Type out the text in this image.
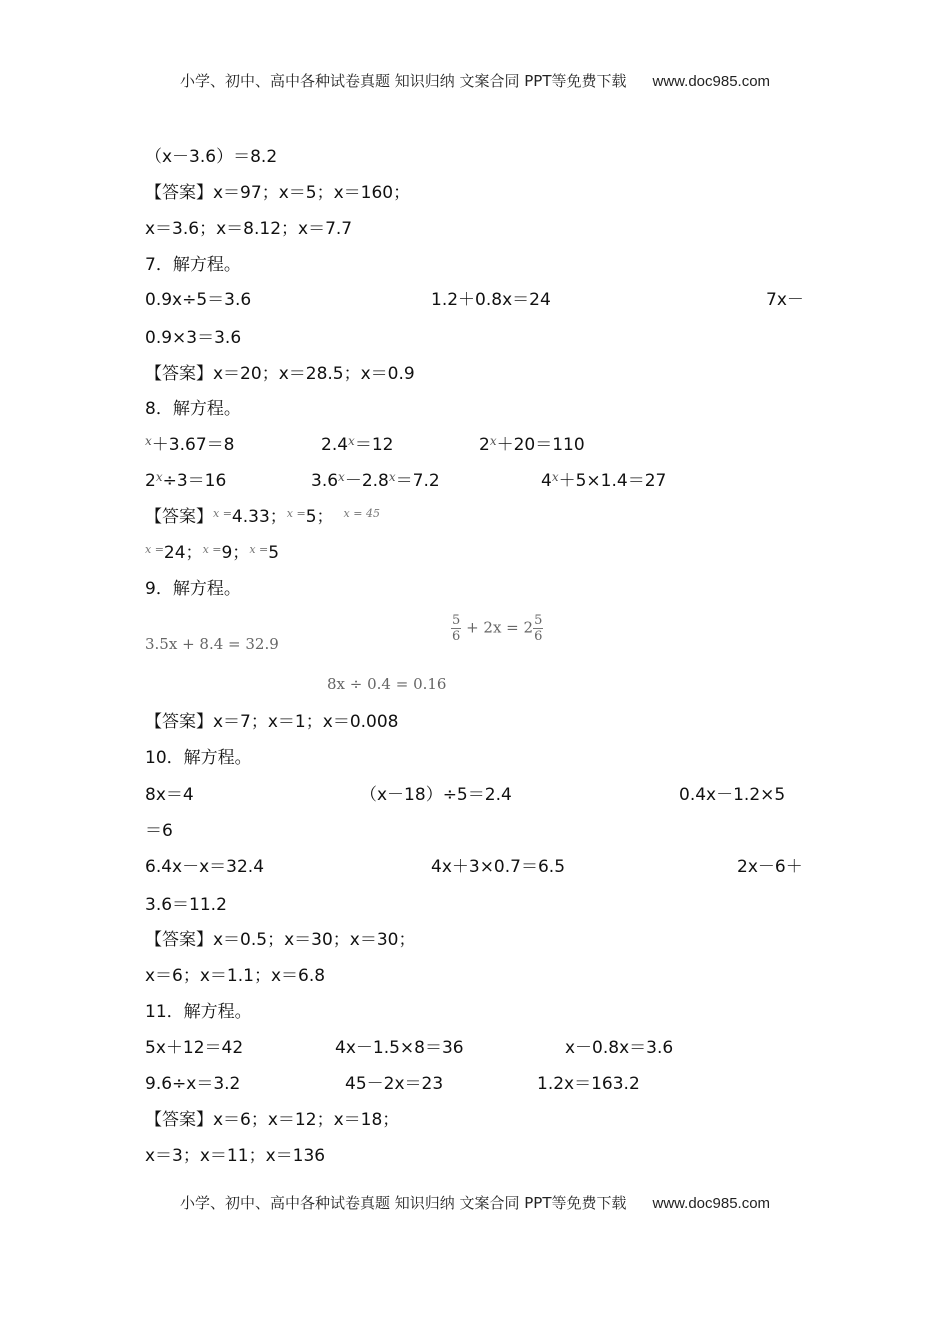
小学、初中、高中各种试卷真题 知识归纳 文案合同 PPT等免费下载 www.doc985.com
（x－3.6）＝8.2
【答案】x＝97；x＝5；x＝160；
x＝3.6；x＝8.12；x＝7.7
7．解方程。
0.9x÷5＝3.6	1.2＋0.8x＝24	7x－
0.9×3＝3.6
【答案】x＝20；x＝28.5；x＝0.9
8．解方程。
$^x$＋3.67＝8	$2.4^x=12$	$2^x+20=110$
$2^x\div 3=16$	$3.6^x-2.8^x=7.2$	$4^x+5\times 1.4=27$
【答案】$^{x =}$4.33；$^{x =}$5； $^{x = 45}$
$^{x =}$24；$^{x =}$9；$^{x =}$5
9．解方程。
3.5x + 8.4 = 32.9	$\frac{5}{6} + 2x = 2 \frac{5}{6}$
8x ÷ 0.4 = 0.16
【答案】x＝7；x＝1；x＝0.008
10．解方程。
8x＝4	（x－18）÷5＝2.4	0.4x－1.2×5
＝6
6.4x－x＝32.4	4x＋3×0.7＝6.5	2x－6＋
3.6＝11.2
【答案】x＝0.5；x＝30；x＝30；
x＝6；x＝1.1；x＝6.8
11．解方程。
5x＋12＝42	4x－1.5×8＝36	x－0.8x＝3.6
9.6÷x＝3.2	45－2x＝23	1.2x＝163.2
【答案】x＝6；x＝12；x＝18；
x＝3；x＝11；x＝136
小学、初中、高中各种试卷真题 知识归纳 文案合同 PPT等免费下载 www.doc985.com
